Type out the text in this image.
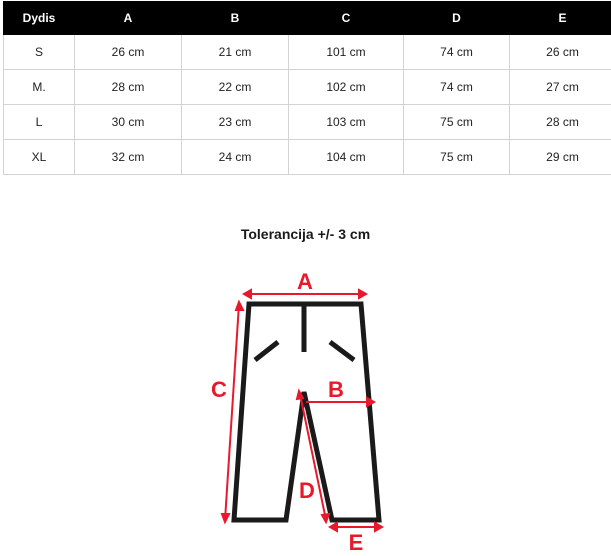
Dydis	A	B	C	D	E
S	26 cm	21 cm	101 cm	74 cm	26 cm
M.	28 cm	22 cm	102 cm	74 cm	27 cm
L	30 cm	23 cm	103 cm	75 cm	28 cm
XL	32 cm	24 cm	104 cm	75 cm	29 cm
Tolerancija +/- 3 cm
A
B
C
D
E
